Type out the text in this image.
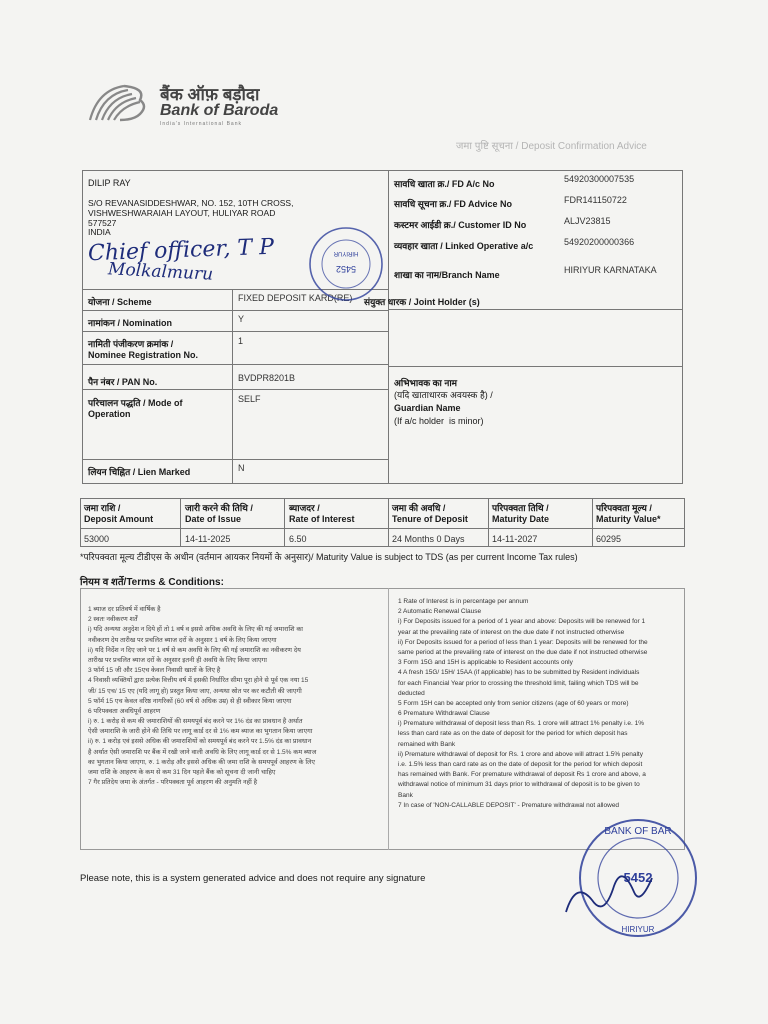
बैंक ऑफ़ बड़ौदा
Bank of Baroda
India's International Bank
जमा पुष्टि सूचना / Deposit Confirmation Advice
DILIP RAY
S/O REVANASIDDESHWAR, NO. 152, 10TH CROSS,
VISHWESHWARAIAH LAYOUT, HULIYAR ROAD
577527
INDIA
Chief officer, T P
Molkalmuru
सावधि खाता क्र./ FD A/c No	54920300007535
सावधि सूचना क्र./ FD Advice No	FDR141150722
कस्टमर आईडी क्र./ Customer ID No	ALJV23815
व्यवहार खाता / Linked Operative a/c	54920200000366
शाखा का नाम/Branch Name	HIRIYUR KARNATAKA
संयुक्त धारक / Joint Holder (s)
अभिभावक का नाम
(यदि खाताधारक अवयस्क है) /
Guardian Name
(If a/c holder  is minor)
योजना / Scheme	FIXED DEPOSIT KARD(RE)
नामांकन / Nomination	Y
नामिती पंजीकरण क्रमांक /
Nominee Registration No.
1
पैन नंबर / PAN No.	BVDPR8201B
परिचालन पद्धति / Mode of
Operation
SELF
लियन चिह्नित / Lien Marked	N
5452
HIRIYUR
जमा राशि /
Deposit Amount
जारी करने की तिथि /
Date of Issue
ब्याजदर /
Rate of Interest
जमा की अवधि /
Tenure of Deposit
परिपक्वता तिथि /
Maturity Date
परिपक्वता मूल्य /
Maturity Value*
53000	14-11-2025	6.50	24 Months 0 Days	14-11-2027	60295
*परिपक्वता मूल्य टीडीएस के अधीन (वर्तमान आयकर नियमों के अनुसार)/ Maturity Value is subject to TDS (as per current Income Tax rules)
नियम व शर्ते/Terms & Conditions:
1 ब्याज दर प्रतिवर्ष में वार्षिक है
2 स्वतः नवीकरण शर्तें
i) यदि अन्यथा अनुदेश न दिये हों तो 1 वर्ष व इससे अधिक अवधि के लिए की गई जमाराशि का
नवीकरण देय तारीख पर प्रचलित ब्याज दरों के अनुसार 1 वर्ष के लिए किया जाएगा
ii) यदि निर्देश न दिए जाने पर 1 वर्ष से कम अवधि के लिए की गई जमाराशि का नवीकरण देय
तारीख पर प्रचलित ब्याज दरों के अनुसार इतनी ही अवधि के लिए किया जाएगा
3 फॉर्म 15 जी और 15एच केवल निवासी खातों के लिए है
4 निवासी व्यक्तियों द्वारा प्रत्येक वित्तीय वर्ष में इसकी निर्धारित सीमा पूरा होने से पूर्व एक नया 15
जी/ 15 एच/ 15 एए (यदि लागू हो) प्रस्तुत किया जाए, अन्यथा स्रोत पर कर कटौती की जाएगी
5 फॉर्म 15 एच केवल वरिष्ठ नागरिकों (60 वर्ष से अधिक उम्र) से ही स्वीकार किया जाएगा
6 परिपक्वता अवधिपूर्व आहरण
i) रु. 1 करोड़ से कम की जमाराशियों की समयपूर्व बंद करने पर 1% दंड का प्रावधान है अर्थात
ऐसी जमाराशि के जारी होने की तिथि पर लागू कार्ड दर से 1% कम ब्याज का भुगतान किया जाएगा
ii) रु. 1 करोड़ एवं इससे अधिक की जमाराशियों को समयपूर्व बंद करने पर 1.5% दंड का प्रावधान
है अर्थात ऐसी जमाराशि पर बैंक में रखी जाने वाली अवधि के लिए लागू कार्ड दर से 1.5% कम ब्याज
का भुगतान किया जाएगा, रु. 1 करोड़ और इससे अधिक की जमा राशि के समयपूर्व आहरण के लिए
जमा राशि के आहरण के कम से कम 31 दिन पहले बैंक को सूचना दी जानी चाहिए
7 गैर प्रतिदेय जमा के अंतर्गत - परिपक्वता पूर्व आहरण की अनुमति नहीं है
1 Rate of Interest is in percentage per annum
2 Automatic Renewal Clause
i) For Deposits issued for a period of 1 year and above: Deposits will be renewed for 1
year at the prevailing rate of interest on the due date if not instructed otherwise
ii) For Deposits issued for a period of less than 1 year: Deposits will be renewed for the
same period at the prevailing rate of interest on the due date if not instructed otherwise
3 Form 15G and 15H is applicable to Resident accounts only
4 A fresh 15G/ 15H/ 15AA (if applicable) has to be submitted by Resident individuals
for each Financial Year prior to crossing the threshold limit, failing which TDS will be
deducted
5 Form 15H can be accepted only from senior citizens (age of 60 years or more)
6 Premature Withdrawal Clause
i) Premature withdrawal of deposit less than Rs. 1 crore will attract 1% penalty i.e. 1%
less than card rate as on the date of deposit for the period for which deposit has
remained with Bank
ii) Premature withdrawal of deposit for Rs. 1 crore and above will attract 1.5% penalty
i.e. 1.5% less than card rate as on the date of deposit for the period for which deposit
has remained with Bank. For premature withdrawal of deposit Rs 1 crore and above, a
withdrawal notice of minimum 31 days prior to withdrawal of deposit is to be given to
Bank
7 In case of 'NON-CALLABLE DEPOSIT' - Premature withdrawal not allowed
BANK OF BAR
5452
HIRIYUR
Please note, this is a system generated advice and does not require any signature
